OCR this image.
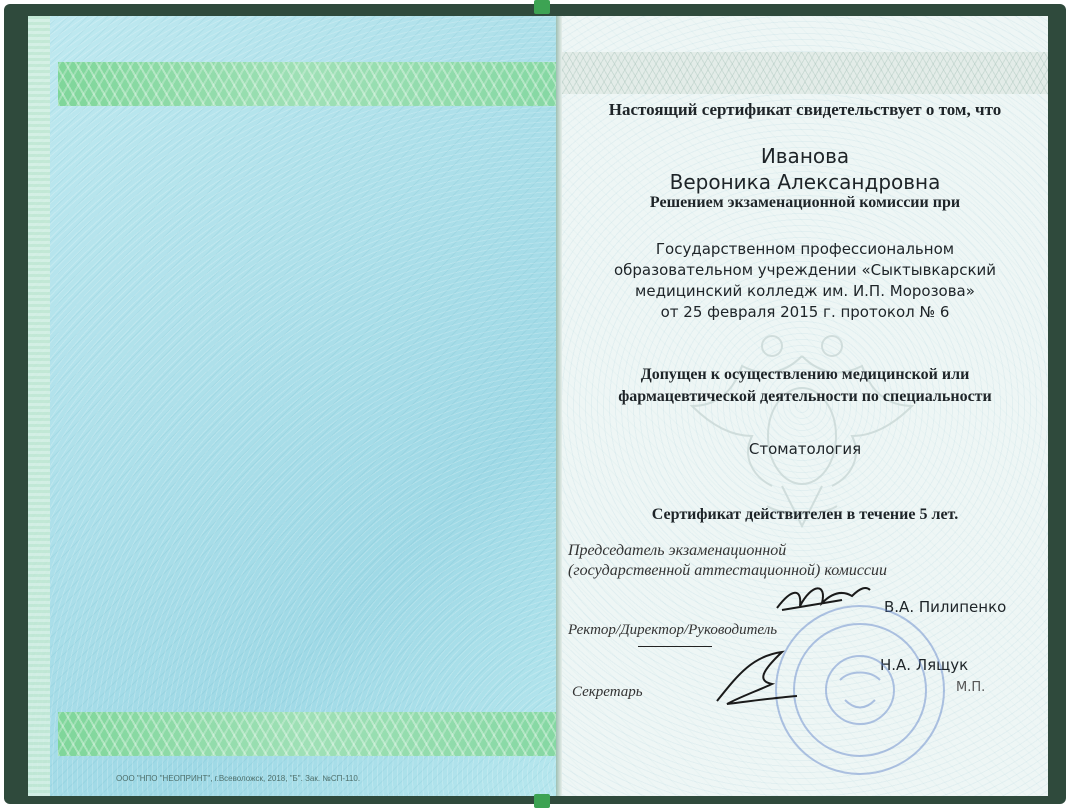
ООО "НПО "НЕОПРИНТ", г.Всеволожск, 2018, "Б". Зак. №СП-110.
Настоящий сертификат свидетельствует о том, что
Иванова
Вероника Александровна
Решением экзаменационной комиссии при
Государственном профессиональном
образовательном учреждении «Сыктывкарский
медицинский колледж им. И.П. Морозова»
от 25 февраля 2015 г. протокол № 6
Допущен к осуществлению медицинской или
фармацевтической деятельности по специальности
Стоматология
Сертификат действителен в течение 5 лет.
Председатель экзаменационной
(государственной аттестационной) комиссии
В.А. Пилипенко
Ректор/Директор/Руководитель
Секретарь
Н.А. Лящук
М.П.
